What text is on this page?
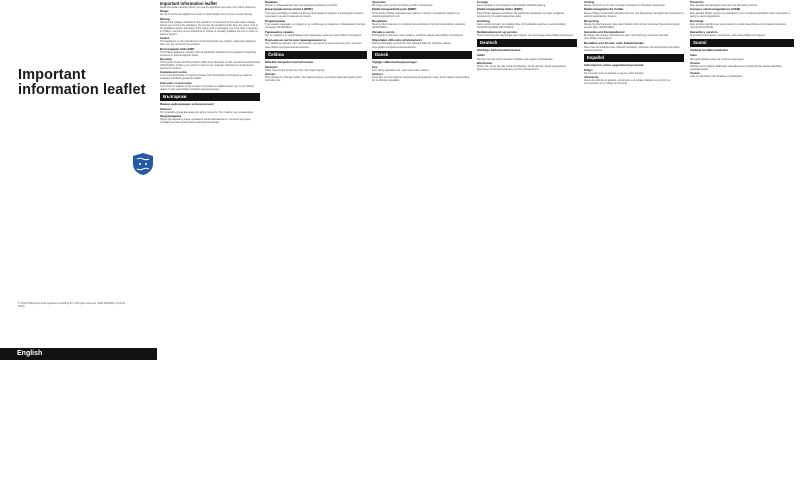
Important
information leaflet
© 2019 Philips Domestic Appliances Holding B.V. All rights reserved. 3000.038.8061.4 (10-01-2019)
English

Important information leaflet

Read this leaflet carefully before you use the appliance and save it for future reference.

Danger

Do not immerse the appliance in water or other liquids. Do not rinse it under the tap.

Warning

Check if the voltage indicated on the appliance corresponds to the local mains voltage before you connect the appliance. Do not use the appliance if the plug, the mains cord or the appliance itself is damaged. If the mains cord is damaged, you must have it replaced by Philips, a service center authorized by Philips or similarly qualified persons in order to avoid a hazard.

Caution

This appliance is only intended for normal household use. Always unplug the appliance after use. Do not touch hot surfaces.

Electromagnetic fields (EMF)

This Philips appliance complies with all applicable standards and regulations regarding exposure to electromagnetic fields.

Recycling

This symbol means that this product shall not be disposed of with normal household waste (2012/19/EU). Follow your country's rules for the separate collection of electrical and electronic products.

Guarantee and service

If you need information or support, please visit www.philips.com/support or read the separate worldwide guarantee leaflet.

Order parts or accessories

If you have to replace a part or want to purchase an additional part, go to your Philips dealer or visit www.philips.com/parts-and-accessories.

Български

Важна информация за безопасност

Опасност

Не потапяйте уреда във вода или други течности. Не го мийте под течаща вода.

Предупреждение

Преди да свържете уреда, проверете дали напрежението, посочено на уреда, отговаря на това на местната електрическа мрежа.

Внимание

Уредът е предназначен само за нормална домашна употреба.

Електромагнитни полета (EMF)

Този уред на Philips отговаря на всички приложими стандарти и разпоредби относно излагането на електромагнитни полета.

Рециклиране

Този символ означава, че продуктът не трябва да се изхвърля с обикновените битови отпадъци (2012/19/ЕС).

Гаранция и сервиз

Ако се нуждаете от информация или поддръжка, посетете www.philips.com/support.

Поръчка на части или принадлежности

Ако трябва да смените част или желаете да закупите допълнителна част, посетете www.philips.com/parts-and-accessories.

Čeština

Důležité bezpečnostní informace

Nebezpečí

Nikdy neponořujte přístroj do vody nebo jiných tekutin.

Varování

Před připojením přístroje ověřte, zda napětí uvedené na přístroji odpovídá napětí místní rozvodné sítě.

Upozornění

Přístroj je určen pouze pro běžné použití v domácnosti.

Elektromagnetická pole (EMP)

Tento přístroj Philips odpovídá všem platným normám a předpisům týkajícím se elektromagnetických polí.

Recyklace

Tento symbol znamená, že produkt nelze likvidovat s běžným komunálním odpadem (2012/19/EU).

Záruka a servis

Potřebujete-li informace nebo podporu, navštivte stránku www.philips.com/support.

Objednání dílů nebo příslušenství

Pokud potřebujete vyměnit díl nebo zakoupit další díl, navštivte stránku www.philips.com/parts-and-accessories.

Dansk

Vigtige sikkerhedsoplysninger

Fare

Kom aldrig apparatet ned i vand eller andre væsker.

Advarsel

Kontrollér, om den angivne netspænding på apparatet svarer til den lokale netspænding, før du tilslutter apparatet.

Forsigtig

Dette apparat er kun beregnet til almindelig husholdningsbrug.

Elektromagnetiske felter (EMF)

Dette Philips-apparat overholder alle gældende standarder og regler angående eksponering for elektromagnetiske felter.

Genbrug

Dette symbol betyder, at produktet ikke må bortskaffes sammen med almindeligt husholdningsaffald (2012/19/EU).

Reklamationsret og service

Hvis du har brug for oplysninger eller support, kan du besøge www.philips.com/support.

Deutsch

Wichtige Sicherheitshinweise

Gefahr

Tauchen Sie das Gerät niemals in Wasser oder andere Flüssigkeiten.

Warnhinweis

Prüfen Sie, bevor Sie das Gerät anschließen, ob die auf dem Gerät angegebene Spannung mit der Netzspannung vor Ort übereinstimmt.

Achtung

Dieses Gerät ist nur für den normalen Gebrauch im Haushalt vorgesehen.

Elektromagnetische Felder

Dieses Philips Gerät erfüllt sämtliche Normen und Regelungen bezüglich der Exposition in elektromagnetischen Feldern.

Recycling

Dieses Symbol bedeutet, dass das Produkt nicht mit dem normalen Hausmüll entsorgt werden kann (2012/19/EU).

Garantie und Kundendienst

Benötigen Sie weitere Informationen oder Unterstützung, besuchen Sie bitte www.philips.com/support.

Bestellen von Ersatz- oder Zubehörteilen

Wenn Sie ein Ersatzteil oder Zubehör benötigen, besuchen Sie www.philips.com/parts-and-accessories.

Español

Información sobre seguridad importante

Peligro

No sumerja nunca el aparato en agua u otros líquidos.

Advertencia

Antes de enchufar el aparato, compruebe si el voltaje indicado en el mismo se corresponde con el voltaje de red local.

Precaución

Este aparato está diseñado solo para uso doméstico normal.

Campos electromagnéticos (CEM)

Este aparato Philips cumple los estándares y las normativas aplicables sobre exposición a campos electromagnéticos.

Reciclaje

Este símbolo significa que este producto no debe desecharse con la basura doméstica normal (2012/19/UE).

Garantía y servicio

Si necesita información o asistencia, visite www.philips.com/support.

Suomi

Tärkeät turvallisuustiedot

Vaara

Älä upota laitetta veteen tai muuhun nesteeseen.

Varoitus

Tarkista ennen laitteen liittämistä, että laitteeseen merkitty jännite vastaa paikallista verkkojännitettä.

Varoitus

Laite on tarkoitettu vain tavalliseen kotikäyttöön.
